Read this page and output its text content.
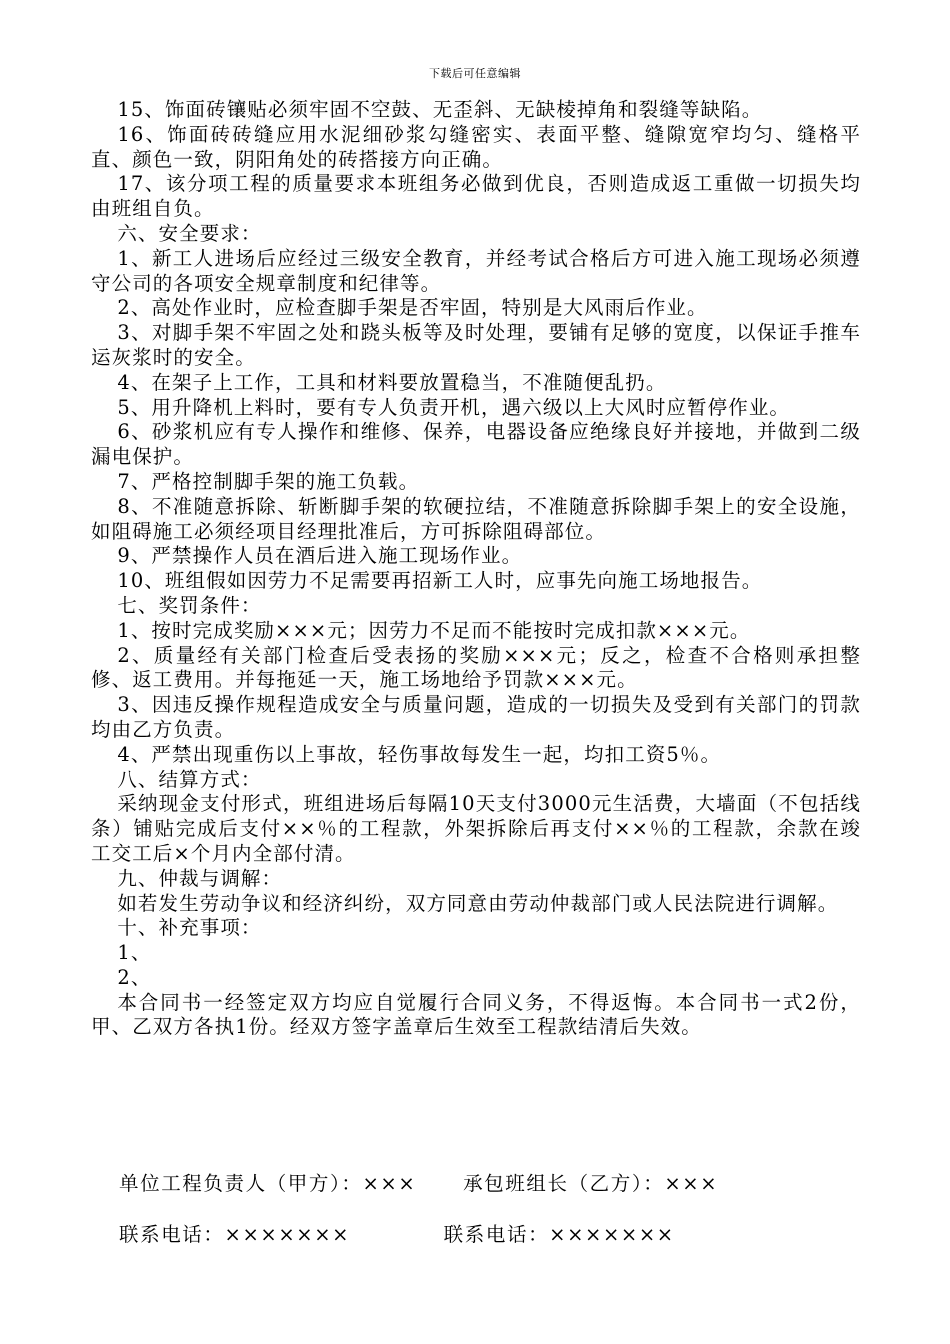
下载后可任意编辑

15、饰面砖镶贴必须牢固不空鼓、无歪斜、无缺棱掉角和裂缝等缺陷。

16、饰面砖砖缝应用水泥细砂浆勾缝密实、表面平整、缝隙宽窄均匀、缝格平直、颜色一致，阴阳角处的砖搭接方向正确。

17、该分项工程的质量要求本班组务必做到优良，否则造成返工重做一切损失均由班组自负。

六、安全要求：

1、新工人进场后应经过三级安全教育，并经考试合格后方可进入施工现场必须遵守公司的各项安全规章制度和纪律等。

2、高处作业时，应检查脚手架是否牢固，特别是大风雨后作业。

3、对脚手架不牢固之处和跷头板等及时处理，要铺有足够的宽度，以保证手推车运灰浆时的安全。

4、在架子上工作，工具和材料要放置稳当，不准随便乱扔。

5、用升降机上料时，要有专人负责开机，遇六级以上大风时应暂停作业。

6、砂浆机应有专人操作和维修、保养，电器设备应绝缘良好并接地，并做到二级漏电保护。

7、严格控制脚手架的施工负载。

8、不准随意拆除、斩断脚手架的软硬拉结，不准随意拆除脚手架上的安全设施，如阻碍施工必须经项目经理批准后，方可拆除阻碍部位。

9、严禁操作人员在酒后进入施工现场作业。

10、班组假如因劳力不足需要再招新工人时，应事先向施工场地报告。

七、奖罚条件：

1、按时完成奖励×××元；因劳力不足而不能按时完成扣款×××元。

2、质量经有关部门检查后受表扬的奖励×××元；反之，检查不合格则承担整修、返工费用。并每拖延一天，施工场地给予罚款×××元。

3、因违反操作规程造成安全与质量问题，造成的一切损失及受到有关部门的罚款均由乙方负责。

4、严禁出现重伤以上事故，轻伤事故每发生一起，均扣工资5％。

八、结算方式：

采纳现金支付形式，班组进场后每隔10天支付3000元生活费，大墙面（不包括线条）铺贴完成后支付××％的工程款，外架拆除后再支付××％的工程款，余款在竣工交工后×个月内全部付清。

九、仲裁与调解：

如若发生劳动争议和经济纠纷，双方同意由劳动仲裁部门或人民法院进行调解。

十、补充事项：

1、

2、

本合同书一经签定双方均应自觉履行合同义务，不得返悔。本合同书一式2份，甲、乙双方各执1份。经双方签字盖章后生效至工程款结清后失效。

单位工程负责人（甲方）：××× 承包班组长（乙方）：×××
联系电话：×××××××	联系电话：×××××××
